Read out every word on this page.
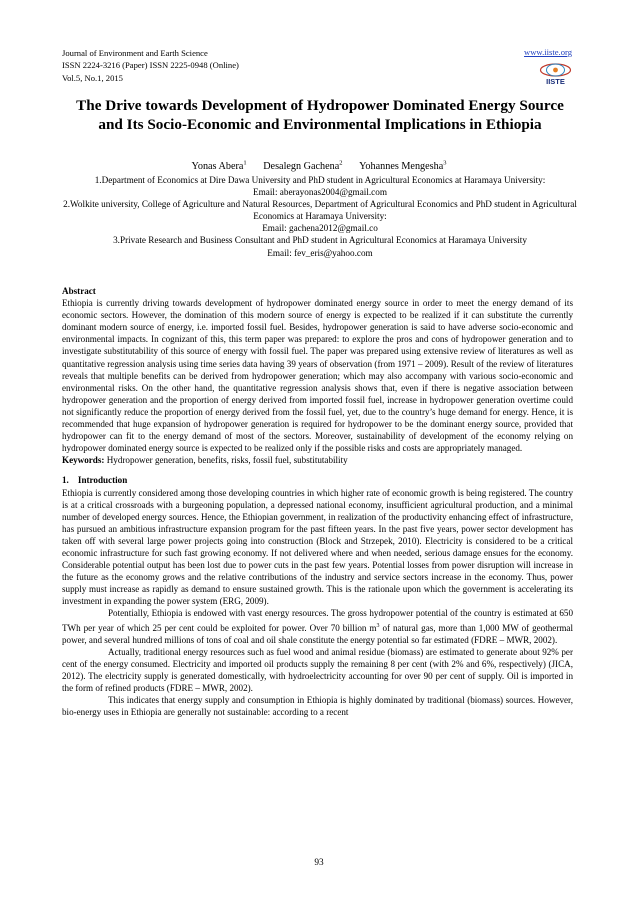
Journal of Environment and Earth Science
ISSN 2224-3216 (Paper) ISSN 2225-0948 (Online)
Vol.5, No.1, 2015
www.iiste.org
IISTE
The Drive towards Development of Hydropower Dominated Energy Source and Its Socio-Economic and Environmental Implications in Ethiopia
Yonas Abera$^1$ Desalegn Gachena$^2$ Yohannes Mengesha$^3$
1.Department of Economics at Dire Dawa University and PhD student in Agricultural Economics at Haramaya University:
Email: aberayonas2004@gmail.com
2.Wolkite university, College of Agriculture and Natural Resources, Department of Agricultural Economics and PhD student in Agricultural Economics at Haramaya University:
Email: gachena2012@gmail.co
3.Private Research and Business Consultant and PhD student in Agricultural Economics at Haramaya University
Email: fev_eris@yahoo.com

Abstract

Ethiopia is currently driving towards development of hydropower dominated energy source in order to meet the energy demand of its economic sectors. However, the domination of this modern source of energy is expected to be realized if it can substitute the currently dominant modern source of energy, i.e. imported fossil fuel. Besides, hydropower generation is said to have adverse socio-economic and environmental impacts. In cognizant of this, this term paper was prepared: to explore the pros and cons of hydropower generation and to investigate substitutability of this source of energy with fossil fuel. The paper was prepared using extensive review of literatures as well as quantitative regression analysis using time series data having 39 years of observation (from 1971 – 2009). Result of the review of literatures reveals that multiple benefits can be derived from hydropower generation; which may also accompany with various socio-economic and environmental risks. On the other hand, the quantitative regression analysis shows that, even if there is negative association between hydropower generation and the proportion of energy derived from imported fossil fuel, increase in hydropower generation overtime could not significantly reduce the proportion of energy derived from the fossil fuel, yet, due to the country’s huge demand for energy. Hence, it is recommended that huge expansion of hydropower generation is required for hydropower to be the dominant energy source, provided that hydropower can fit to the energy demand of most of the sectors. Moreover, sustainability of development of the economy relying on hydropower dominated energy source is expected to be realized only if the possible risks and costs are appropriately managed.

Keywords: Hydropower generation, benefits, risks, fossil fuel, substitutability

1.    Introduction

Ethiopia is currently considered among those developing countries in which higher rate of economic growth is being registered. The country is at a critical crossroads with a burgeoning population, a depressed national economy, insufficient agricultural production, and a minimal number of developed energy sources. Hence, the Ethiopian government, in realization of the productivity enhancing effect of infrastructure, has pursued an ambitious infrastructure expansion program for the past fifteen years. In the past five years, power sector development has taken off with several large power projects going into construction (Block and Strzepek, 2010). Electricity is considered to be a critical economic infrastructure for such fast growing economy. If not delivered where and when needed, serious damage ensues for the economy. Considerable potential output has been lost due to power cuts in the past few years. Potential losses from power disruption will increase in the future as the economy grows and the relative contributions of the industry and service sectors increase in the economy. Thus, power supply must increase as rapidly as demand to ensure sustained growth. This is the rationale upon which the government is accelerating its investment in expanding the power system (ERG, 2009).

Potentially, Ethiopia is endowed with vast energy resources. The gross hydropower potential of the country is estimated at 650 TWh per year of which 25 per cent could be exploited for power. Over 70 billion $m^3$ of natural gas, more than 1,000 MW of geothermal power, and several hundred millions of tons of coal and oil shale constitute the energy potential so far estimated (FDRE – MWR, 2002).

Actually, traditional energy resources such as fuel wood and animal residue (biomass) are estimated to generate about 92% per cent of the energy consumed. Electricity and imported oil products supply the remaining 8 per cent (with 2% and 6%, respectively) (JICA, 2012). The electricity supply is generated domestically, with hydroelectricity accounting for over 90 per cent of supply. Oil is imported in the form of refined products (FDRE – MWR, 2002).

This indicates that energy supply and consumption in Ethiopia is highly dominated by traditional (biomass) sources. However, bio-energy uses in Ethiopia are generally not sustainable: according to a recent

93
